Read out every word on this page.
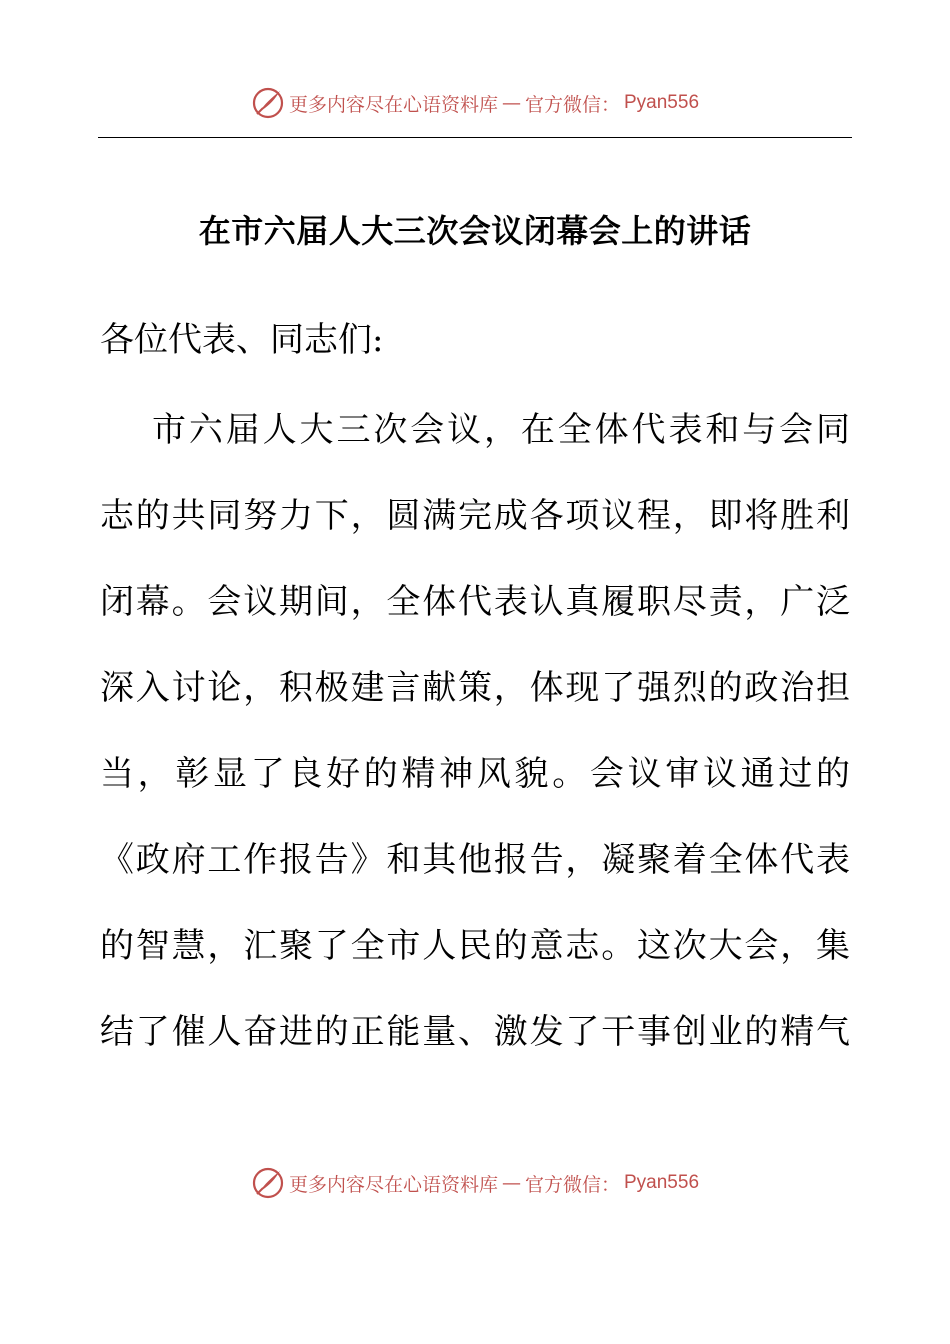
更多内容尽在心语资料库 — 官方微信： Pyan556
在市六届人大三次会议闭幕会上的讲话
各位代表、同志们:
市六届人大三次会议，在全体代表和与会同
志的共同努力下，圆满完成各项议程，即将胜利
闭幕。会议期间，全体代表认真履职尽责，广泛
深入讨论，积极建言献策，体现了强烈的政治担
当，彰显了良好的精神风貌。会议审议通过的
《政府工作报告》和其他报告，凝聚着全体代表
的智慧，汇聚了全市人民的意志。这次大会，集
结了催人奋进的正能量、激发了干事创业的精气
更多内容尽在心语资料库 — 官方微信： Pyan556
